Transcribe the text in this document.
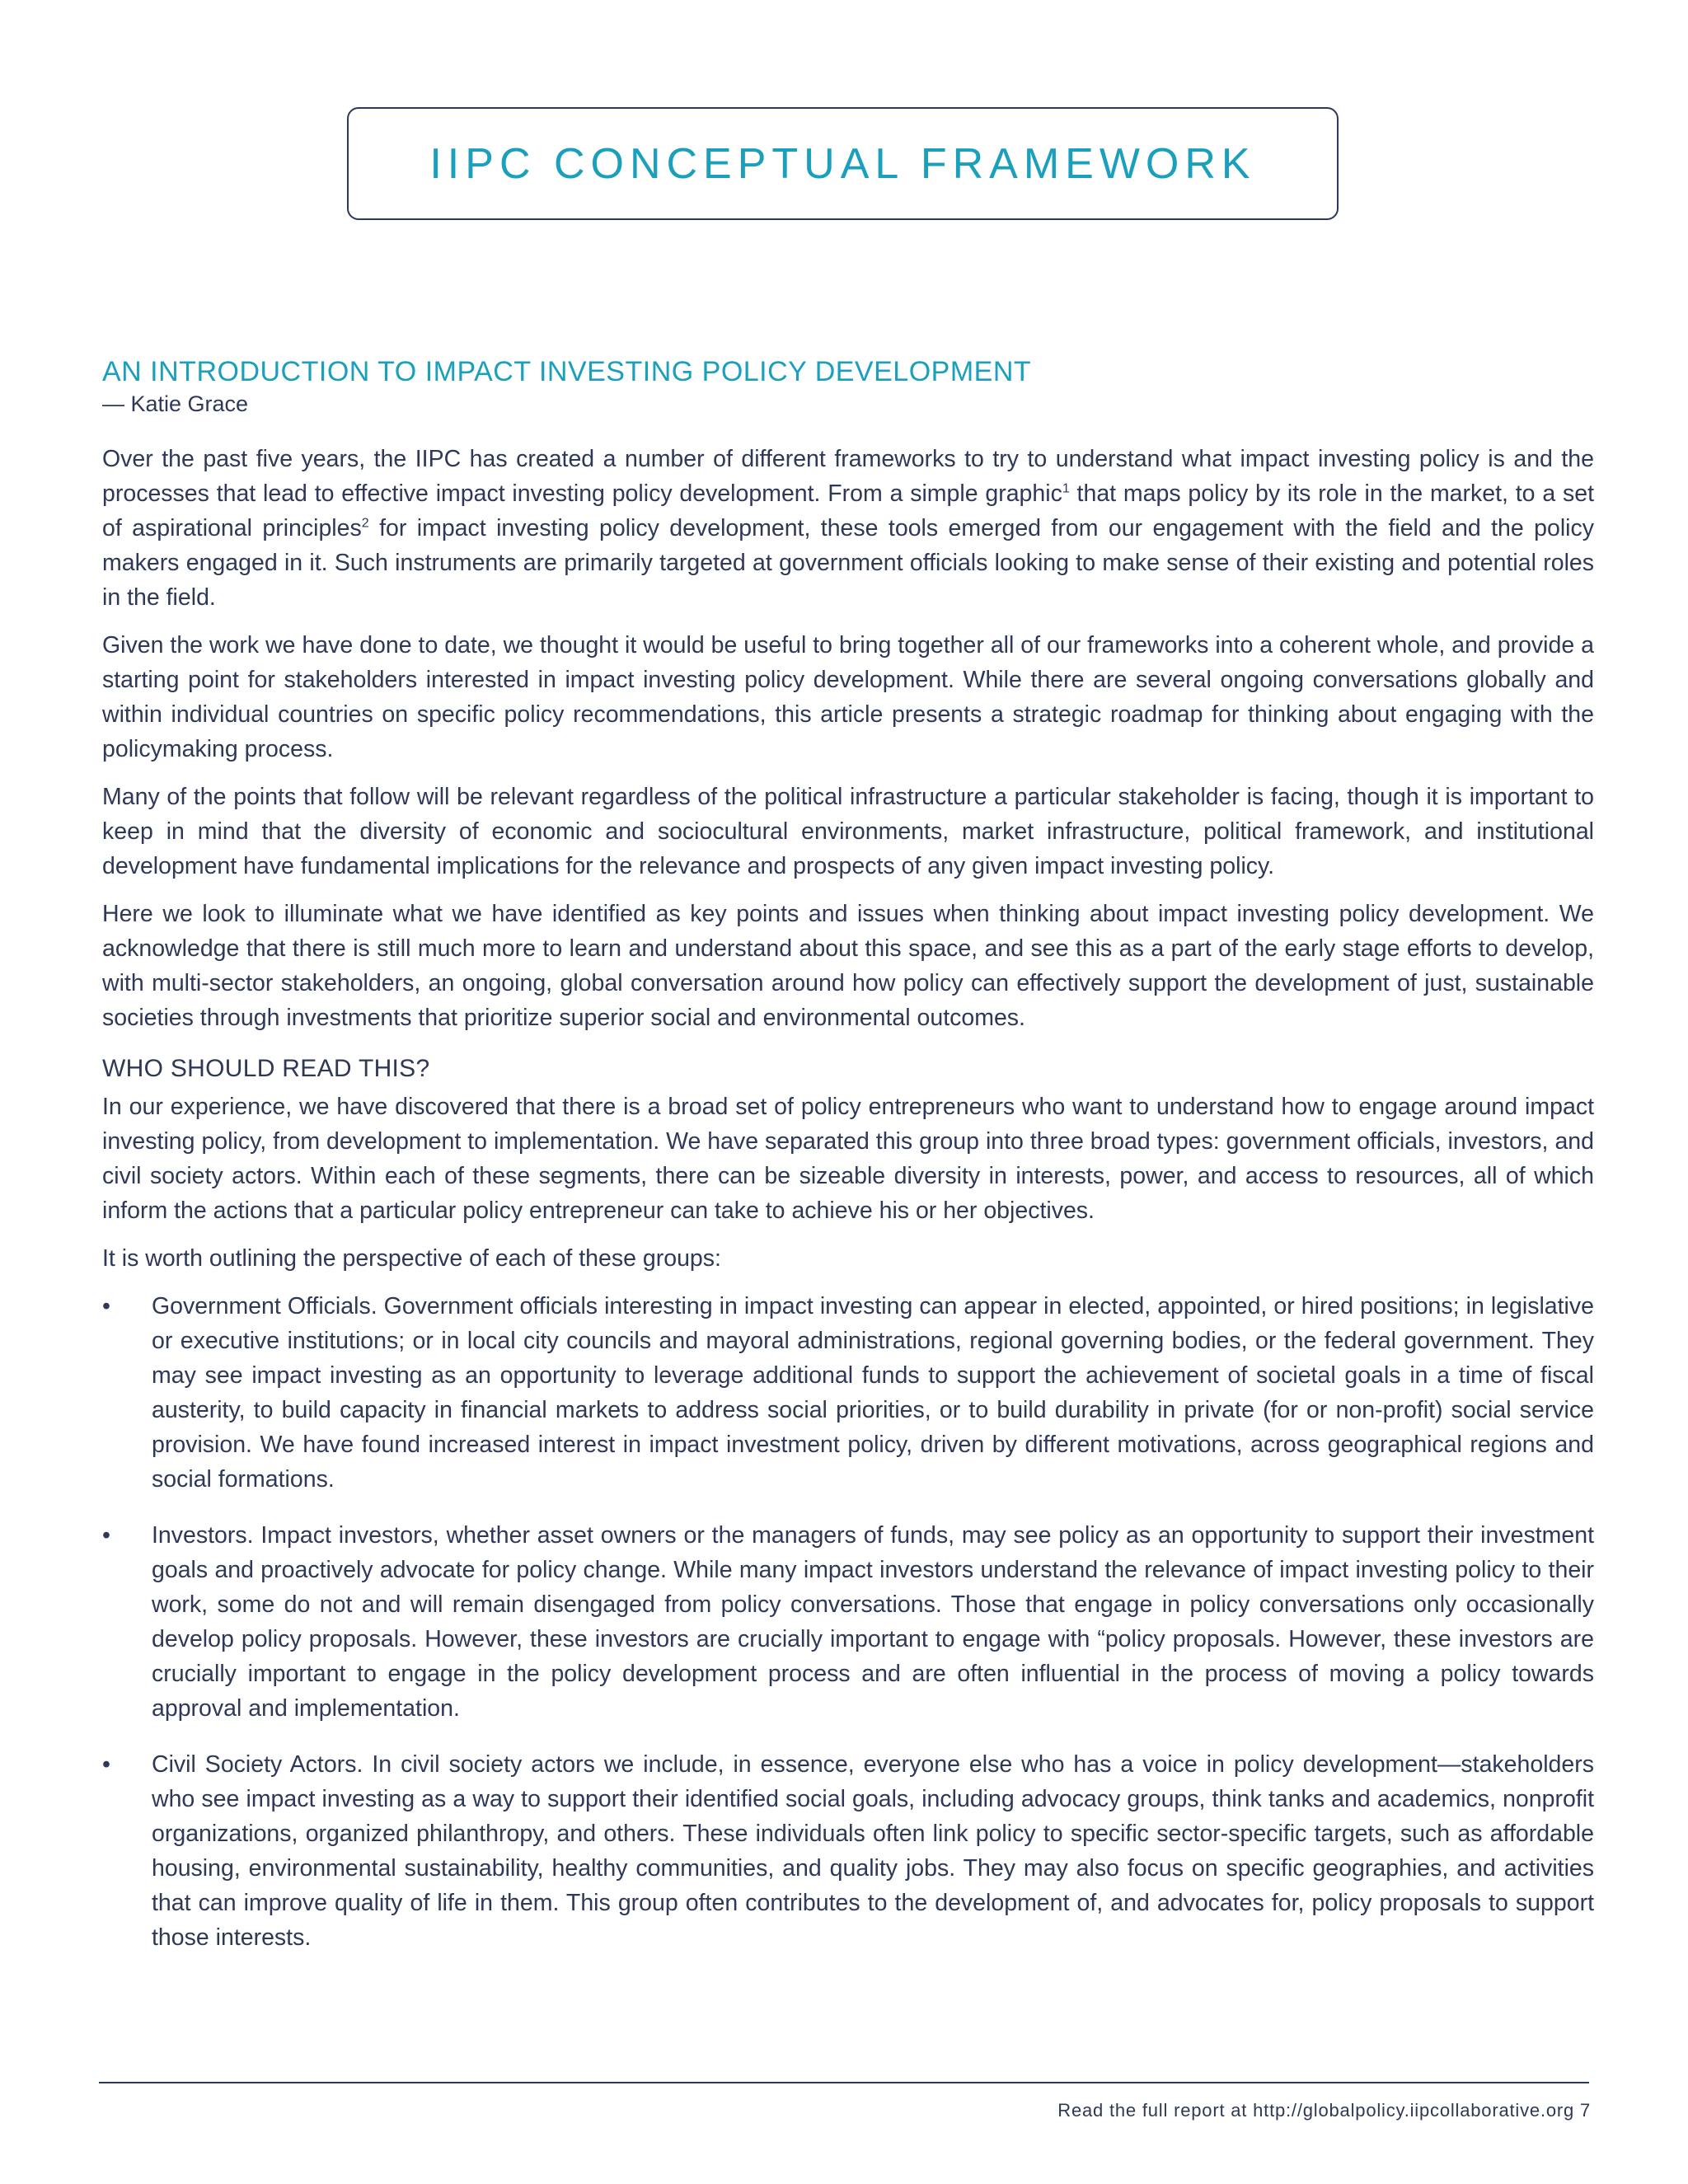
IIPC CONCEPTUAL FRAMEWORK
AN INTRODUCTION TO IMPACT INVESTING POLICY DEVELOPMENT
— Katie Grace

Over the past five years, the IIPC has created a number of different frameworks to try to understand what impact investing policy is and the processes that lead to effective impact investing policy development. From a simple graphic$^1$ that maps policy by its role in the market, to a set of aspirational principles$^2$ for impact investing policy development, these tools emerged from our engagement with the field and the policy makers engaged in it. Such instruments are primarily targeted at government officials looking to make sense of their existing and potential roles in the field.

Given the work we have done to date, we thought it would be useful to bring together all of our frameworks into a coherent whole, and provide a starting point for stakeholders interested in impact investing policy development. While there are several ongoing conversations globally and within individual countries on specific policy recommendations, this article presents a strategic roadmap for thinking about engaging with the policymaking process.

Many of the points that follow will be relevant regardless of the political infrastructure a particular stakeholder is facing, though it is important to keep in mind that the diversity of economic and sociocultural environments, market infrastructure, political framework, and institutional development have fundamental implications for the relevance and prospects of any given impact investing policy.

Here we look to illuminate what we have identified as key points and issues when thinking about impact investing policy development. We acknowledge that there is still much more to learn and understand about this space, and see this as a part of the early stage efforts to develop, with multi-sector stakeholders, an ongoing, global conversation around how policy can effectively support the development of just, sustainable societies through investments that prioritize superior social and environmental outcomes.

WHO SHOULD READ THIS?

In our experience, we have discovered that there is a broad set of policy entrepreneurs who want to understand how to engage around impact investing policy, from development to implementation. We have separated this group into three broad types: government officials, investors, and civil society actors. Within each of these segments, there can be sizeable diversity in interests, power, and access to resources, all of which inform the actions that a particular policy entrepreneur can take to achieve his or her objectives.

It is worth outlining the perspective of each of these groups:

•	Government Officials. Government officials interesting in impact investing can appear in elected, appointed, or hired positions; in legislative or executive institutions; or in local city councils and mayoral administrations, regional governing bodies, or the federal government. They may see impact investing as an opportunity to leverage additional funds to support the achievement of societal goals in a time of fiscal austerity, to build capacity in financial markets to address social priorities, or to build durability in private (for or non-profit) social service provision. We have found increased interest in impact investment policy, driven by different motivations, across geographical regions and social formations.
•	Investors. Impact investors, whether asset owners or the managers of funds, may see policy as an opportunity to support their investment goals and proactively advocate for policy change. While many impact investors understand the relevance of impact investing policy to their work, some do not and will remain disengaged from policy conversations. Those that engage in policy conversations only occasionally develop policy proposals. However, these investors are crucially important to engage with “policy proposals. However, these investors are crucially important to engage in the policy development process and are often influential in the process of moving a policy towards approval and implementation.
•	Civil Society Actors. In civil society actors we include, in essence, everyone else who has a voice in policy development—stakeholders who see impact investing as a way to support their identified social goals, including advocacy groups, think tanks and academics, nonprofit organizations, organized philanthropy, and others. These individuals often link policy to specific sector-specific targets, such as affordable housing, environmental sustainability, healthy communities, and quality jobs. They may also focus on specific geographies, and activities that can improve quality of life in them. This group often contributes to the development of, and advocates for, policy proposals to support those interests.
Read the full report at http://globalpolicy.iipcollaborative.org 7
